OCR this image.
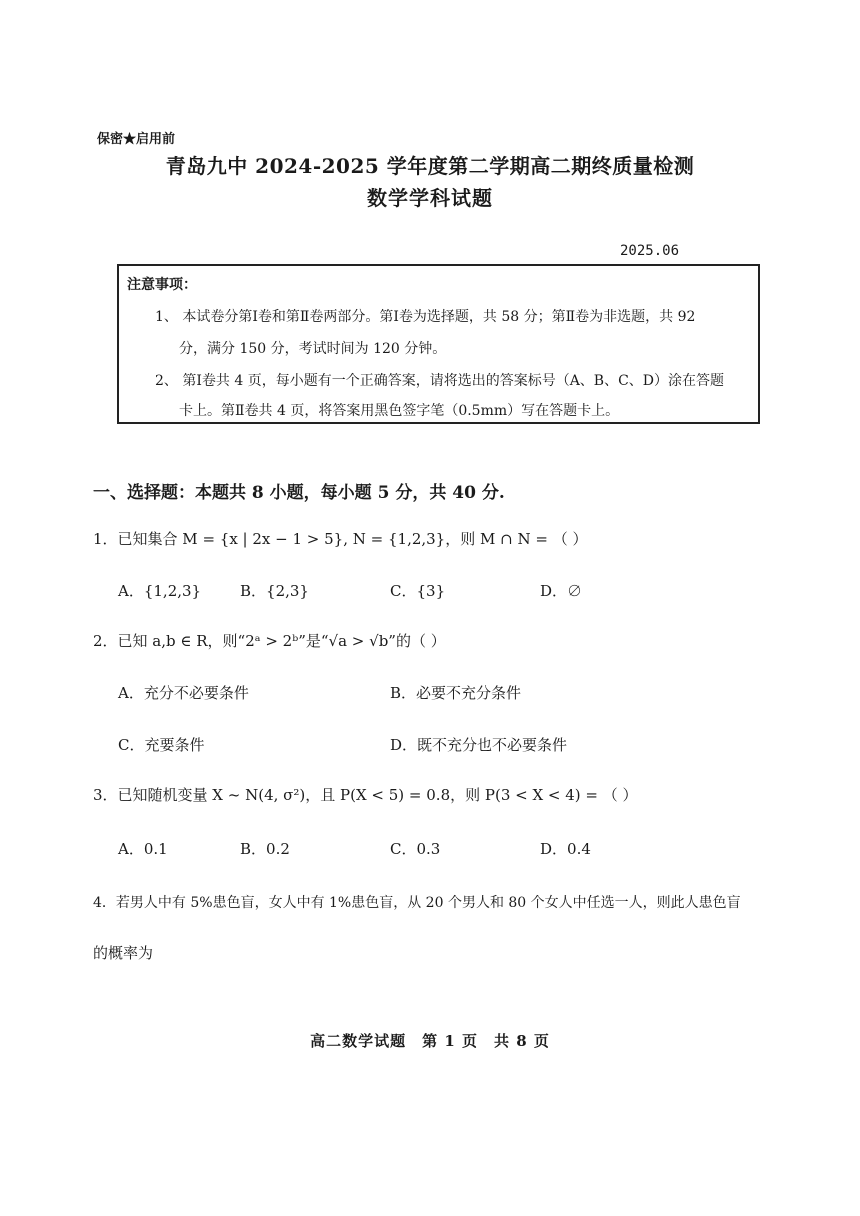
保密★启用前
青岛九中 2024-2025 学年度第二学期高二期终质量检测
数学学科试题
2025.06
注意事项：
1、 本试卷分第Ⅰ卷和第Ⅱ卷两部分。第Ⅰ卷为选择题，共 58 分；第Ⅱ卷为非选题，共 92
分，满分 150 分，考试时间为 120 分钟。
2、 第Ⅰ卷共 4 页，每小题有一个正确答案，请将选出的答案标号（A、B、C、D）涂在答题
卡上。第Ⅱ卷共 4 页，将答案用黑色签字笔（0.5mm）写在答题卡上。
一、选择题：本题共 8 小题，每小题 5 分，共 40 分.
1．已知集合 M = {x | 2x − 1 > 5}, N = {1,2,3}，则 M ∩ N = （ ）
A．{1,2,3}	B．{2,3}	C．{3}	D．∅
2．已知 a,b ∈ R，则“2ᵃ > 2ᵇ”是“√a > √b”的（ ）
A．充分不必要条件	B．必要不充分条件
C．充要条件	D．既不充分也不必要条件
3．已知随机变量 X ~ N(4, σ²)，且 P(X < 5) = 0.8，则 P(3 < X < 4) = （ ）
A．0.1	B．0.2	C．0.3	D．0.4
4．若男人中有 5%患色盲，女人中有 1%患色盲，从 20 个男人和 80 个女人中任选一人，则此人患色盲
的概率为
高二数学试题　第 1 页　共 8 页
